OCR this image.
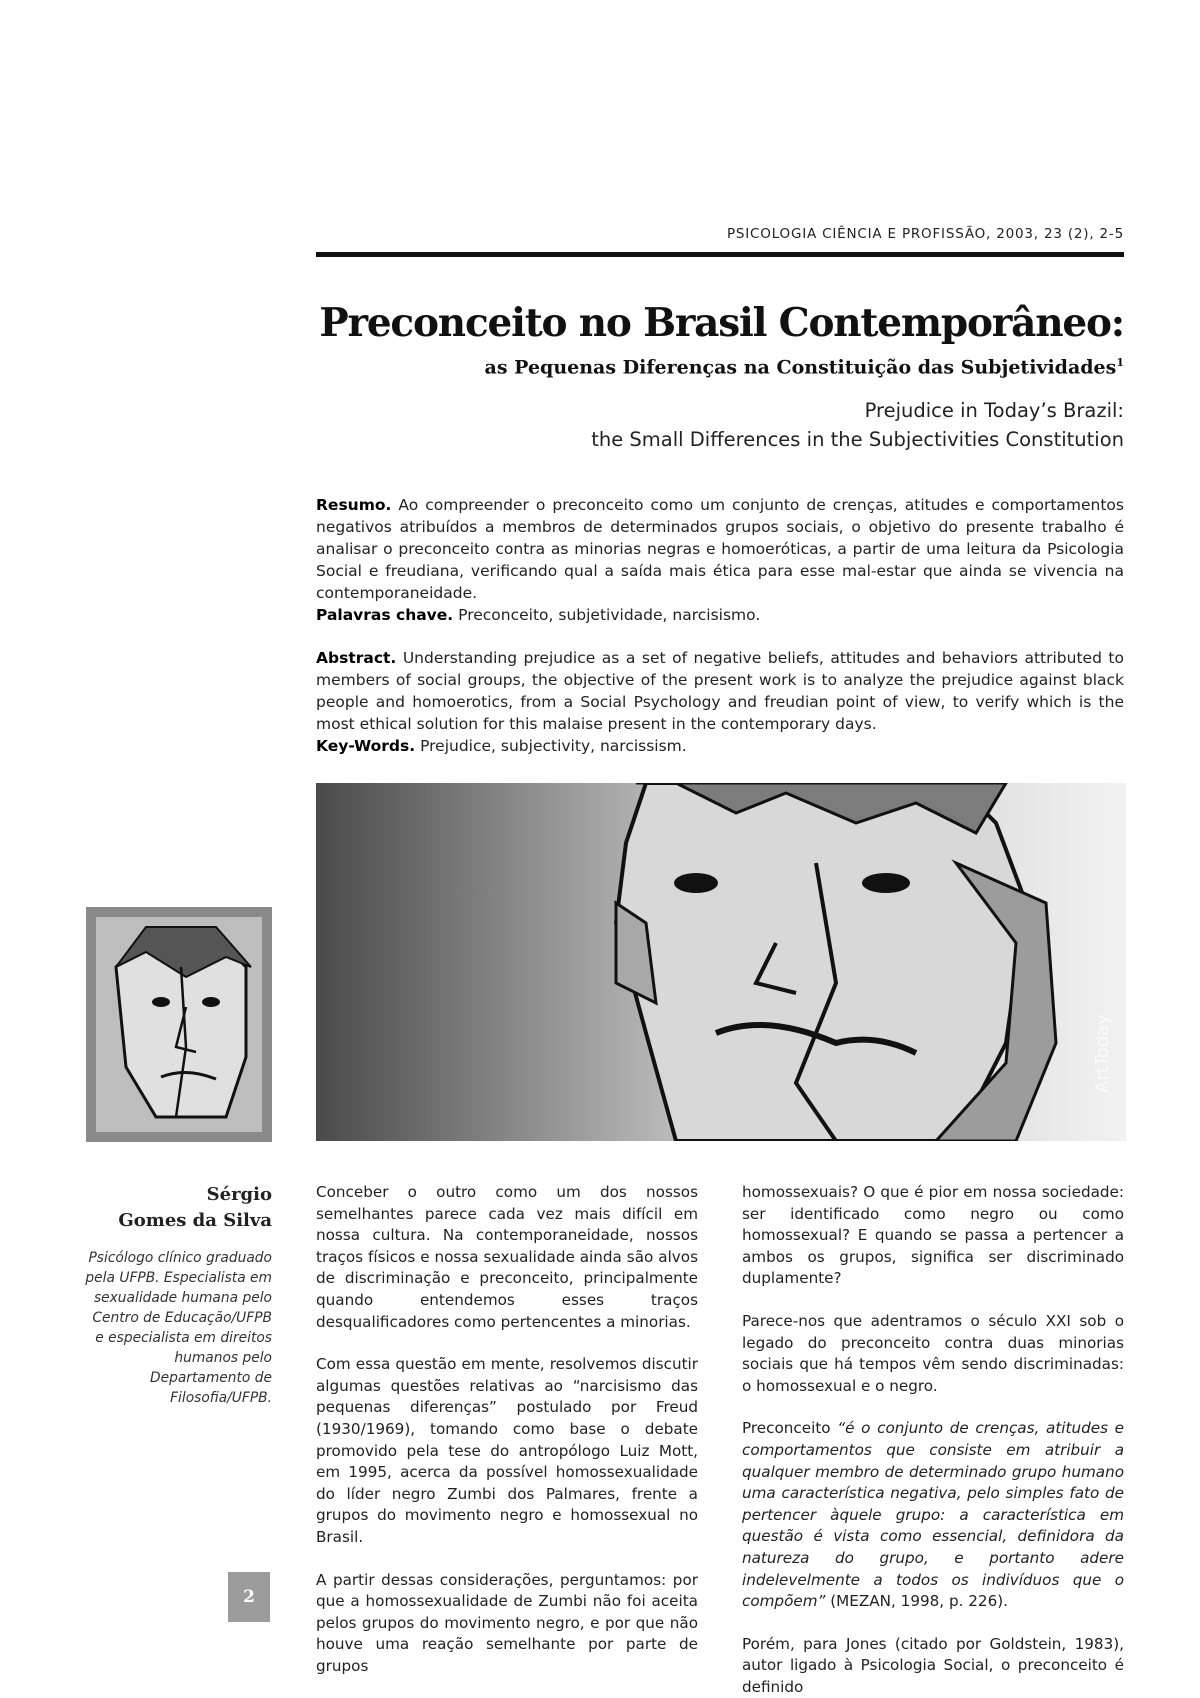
PSICOLOGIA CIÊNCIA E PROFISSÃO, 2003, 23 (2), 2-5
Preconceito no Brasil Contemporâneo:
as Pequenas Diferenças na Constituição das Subjetividades$^1$
Prejudice in Today’s Brazil:
the Small Differences in the Subjectivities Constitution

Resumo. Ao compreender o preconceito como um conjunto de crenças, atitudes e comportamentos negativos atribuídos a membros de determinados grupos sociais, o objetivo do presente trabalho é analisar o preconceito contra as minorias negras e homoeróticas, a partir de uma leitura da Psicologia Social e freudiana, verificando qual a saída mais ética para esse mal-estar que ainda se vivencia na contemporaneidade.

Palavras chave. Preconceito, subjetividade, narcisismo.

Abstract. Understanding prejudice as a set of negative beliefs, attitudes and behaviors attributed to members of social groups, the objective of the present work is to analyze the prejudice against black people and homoerotics, from a Social Psychology and freudian point of view, to verify which is the most ethical solution for this malaise present in the contemporary days.

Key-Words. Prejudice, subjectivity, narcissism.

ArtToday
Sérgio
Gomes da Silva
Psicólogo clínico graduado pela UFPB. Especialista em sexualidade humana pelo Centro de Educação/UFPB e especialista em direitos humanos pelo Departamento de Filosofia/UFPB.
2

Conceber o outro como um dos nossos semelhantes parece cada vez mais difícil em nossa cultura. Na contemporaneidade, nossos traços físicos e nossa sexualidade ainda são alvos de discriminação e preconceito, principalmente quando entendemos esses traços desqualificadores como pertencentes a minorias.

Com essa questão em mente, resolvemos discutir algumas questões relativas ao “narcisismo das pequenas diferenças” postulado por Freud (1930/1969), tomando como base o debate promovido pela tese do antropólogo Luiz Mott, em 1995, acerca da possível homossexualidade do líder negro Zumbi dos Palmares, frente a grupos do movimento negro e homossexual no Brasil.

A partir dessas considerações, perguntamos: por que a homossexualidade de Zumbi não foi aceita pelos grupos do movimento negro, e por que não houve uma reação semelhante por parte de grupos

homossexuais? O que é pior em nossa sociedade: ser identificado como negro ou como homossexual? E quando se passa a pertencer a ambos os grupos, significa ser discriminado duplamente?

Parece-nos que adentramos o século XXI sob o legado do preconceito contra duas minorias sociais que há tempos vêm sendo discriminadas: o homossexual e o negro.

Preconceito “é o conjunto de crenças, atitudes e comportamentos que consiste em atribuir a qualquer membro de determinado grupo humano uma característica negativa, pelo simples fato de pertencer àquele grupo: a característica em questão é vista como essencial, definidora da natureza do grupo, e portanto adere indelevelmente a todos os indivíduos que o compõem” (MEZAN, 1998, p. 226).

Porém, para Jones (citado por Goldstein, 1983), autor ligado à Psicologia Social, o preconceito é definido
